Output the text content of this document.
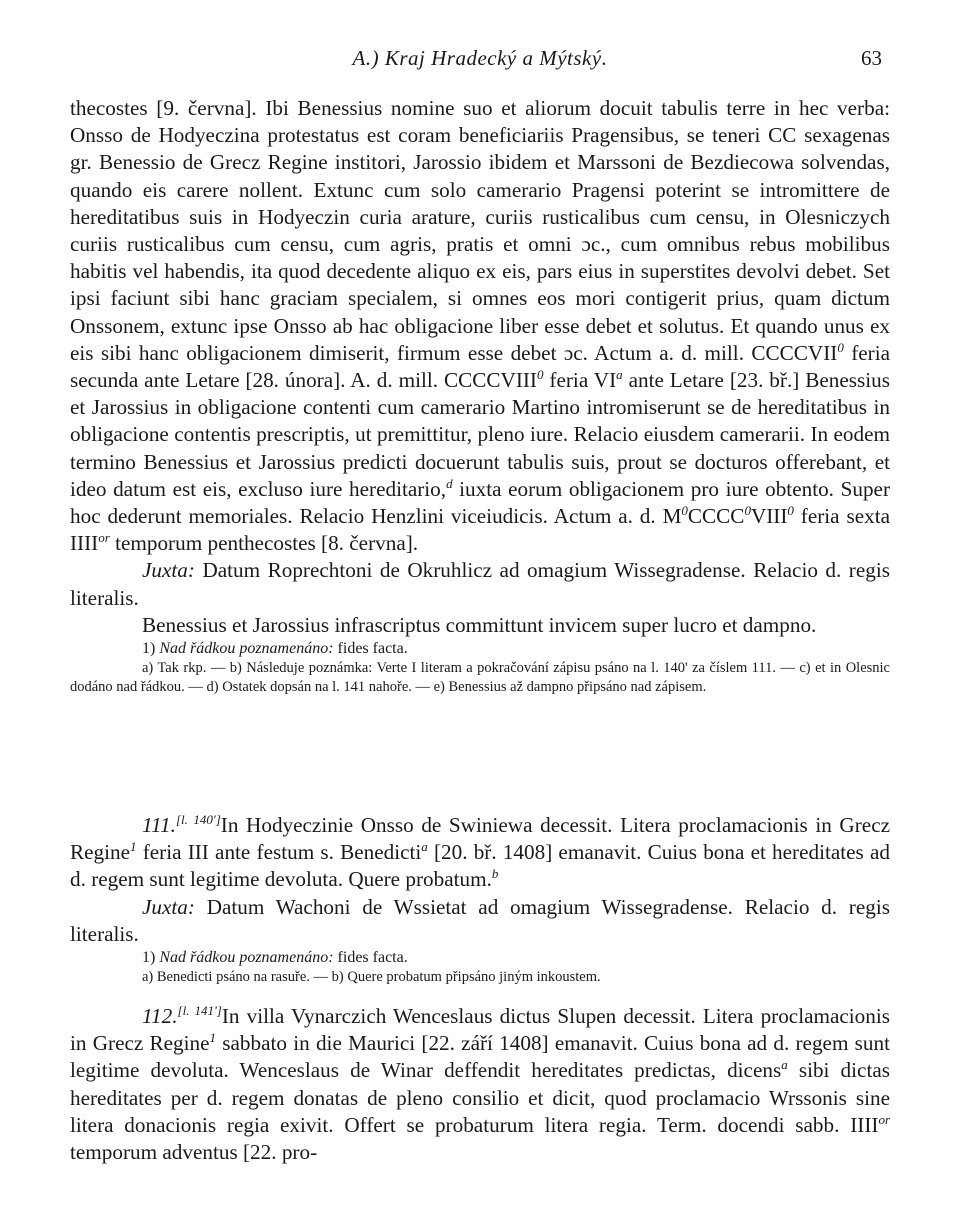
A.) Kraj Hradecký a Mýtský.	63

thecostes [9. června]. Ibi Benessius nomine suo et aliorum docuit tabulis terre in hec verba: Onsso de Hodyeczina protestatus est coram beneficiariis Pragensibus, se teneri CC sexagenas gr. Benessio de Grecz Regine institori, Jarossio ibidem et Marssoni de Bezdiecowa solvendas, quando eis carere nollent. Extunc cum solo camerario Pragensi poterint se intromittere de hereditatibus suis in Hodyeczin curia arature, curiis rusticalibus cum censu, in Olesniczych curiis rusticalibus cum censu, cum agris, pratis et omni ɔc., cum omnibus rebus mobilibus habitis vel habendis, ita quod decedente aliquo ex eis, pars eius in superstites devolvi debet. Set ipsi faciunt sibi hanc graciam specialem, si omnes eos mori contigerit prius, quam dictum Onssonem, extunc ipse Onsso ab hac obligacione liber esse debet et solutus. Et quando unus ex eis sibi hanc obligacionem dimiserit, firmum esse debet ɔc. Actum a. d. mill. CCCCVII$^0$ feria secunda ante Letare [28. února]. A. d. mill. CCCCVIII$^0$ feria $VI^a$ ante Letare [23. bř.] Benessius et Jarossius in obligacione contenti cum camerario Martino intromiserunt se de hereditatibus in obligacione contentis prescriptis, ut premittitur, pleno iure. Relacio eiusdem camerarii. In eodem termino Benessius et Jarossius predicti docuerunt tabulis suis, prout se docturos offerebant, et ideo datum est eis, excluso iure hereditario,$^d$ iuxta eorum obligacionem pro iure obtento. Super hoc dederunt memoriales. Relacio Henzlini viceiudicis. Actum a. d. $M^0CCCC^0VIII^0$ feria sexta $IIII^{or}$ temporum penthecostes [8. června].

Juxta: Datum Roprechtoni de Okruhlicz ad omagium Wissegradense. Relacio d. regis literalis.

Benessius et Jarossius infrascriptus committunt invicem super lucro et dampno.

1) Nad řádkou poznamenáno: fides facta.

a) Tak rkp. — b) Následuje poznámka: Verte I literam a pokračování zápisu psáno na l. 140' za číslem 111. — c) et in Olesnic dodáno nad řádkou. — d) Ostatek dopsán na l. 141 nahoře. — e) Benessius až dampno připsáno nad zápisem.

111.[l. 140']In Hodyeczinie Onsso de Swiniewa decessit. Litera proclamacionis in Grecz Regine$^1$ feria III ante festum s. Benedicti$^a$ [20. bř. 1408] emanavit. Cuius bona et hereditates ad d. regem sunt legitime devoluta. Quere probatum.$^b$

Juxta: Datum Wachoni de Wssietat ad omagium Wissegradense. Relacio d. regis literalis.

1) Nad řádkou poznamenáno: fides facta.

a) Benedicti psáno na rasuře. — b) Quere probatum připsáno jiným inkoustem.

112.[l. 141']In villa Vynarczich Wenceslaus dictus Slupen decessit. Litera proclamacionis in Grecz Regine$^1$ sabbato in die Maurici [22. září 1408] emanavit. Cuius bona ad d. regem sunt legitime devoluta. Wenceslaus de Winar deffendit hereditates predictas, dicens$^a$ sibi dictas hereditates per d. regem donatas de pleno consilio et dicit, quod proclamacio Wrssonis sine litera donacionis regia exivit. Offert se probaturum litera regia. Term. docendi sabb. $IIII^{or}$ temporum adventus [22. pro-
